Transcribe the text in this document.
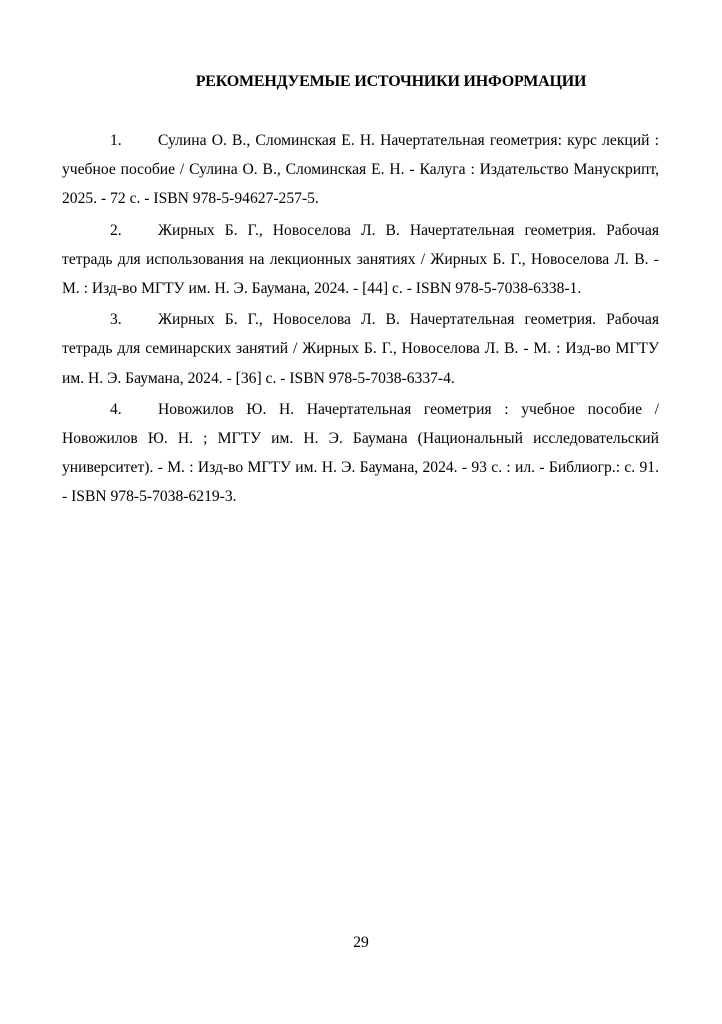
РЕКОМЕНДУЕМЫЕ ИСТОЧНИКИ ИНФОРМАЦИИ

1. Сулина О. В., Сломинская Е. Н. Начертательная геометрия: курс лекций : учебное пособие / Сулина О. В., Сломинская Е. Н. - Калуга : Издательство Манускрипт, 2025. - 72 с. - ISBN 978-5-94627-257-5.

2. Жирных Б. Г., Новоселова Л. В. Начертательная геометрия. Рабочая тетрадь для использования на лекционных занятиях / Жирных Б. Г., Новоселова Л. В. - М. : Изд-во МГТУ им. Н. Э. Баумана, 2024. - [44] с. - ISBN 978-5-7038-6338-1.

3. Жирных Б. Г., Новоселова Л. В. Начертательная геометрия. Рабочая тетрадь для семинарских занятий / Жирных Б. Г., Новоселова Л. В. - М. : Изд-во МГТУ им. Н. Э. Баумана, 2024. - [36] с. - ISBN 978-5-7038-6337-4.

4. Новожилов Ю. Н. Начертательная геометрия : учебное пособие / Новожилов Ю. Н. ; МГТУ им. Н. Э. Баумана (Национальный исследовательский университет). - М. : Изд-во МГТУ им. Н. Э. Баумана, 2024. - 93 с. : ил. - Библиогр.: с. 91. - ISBN 978-5-7038-6219-3.

29
